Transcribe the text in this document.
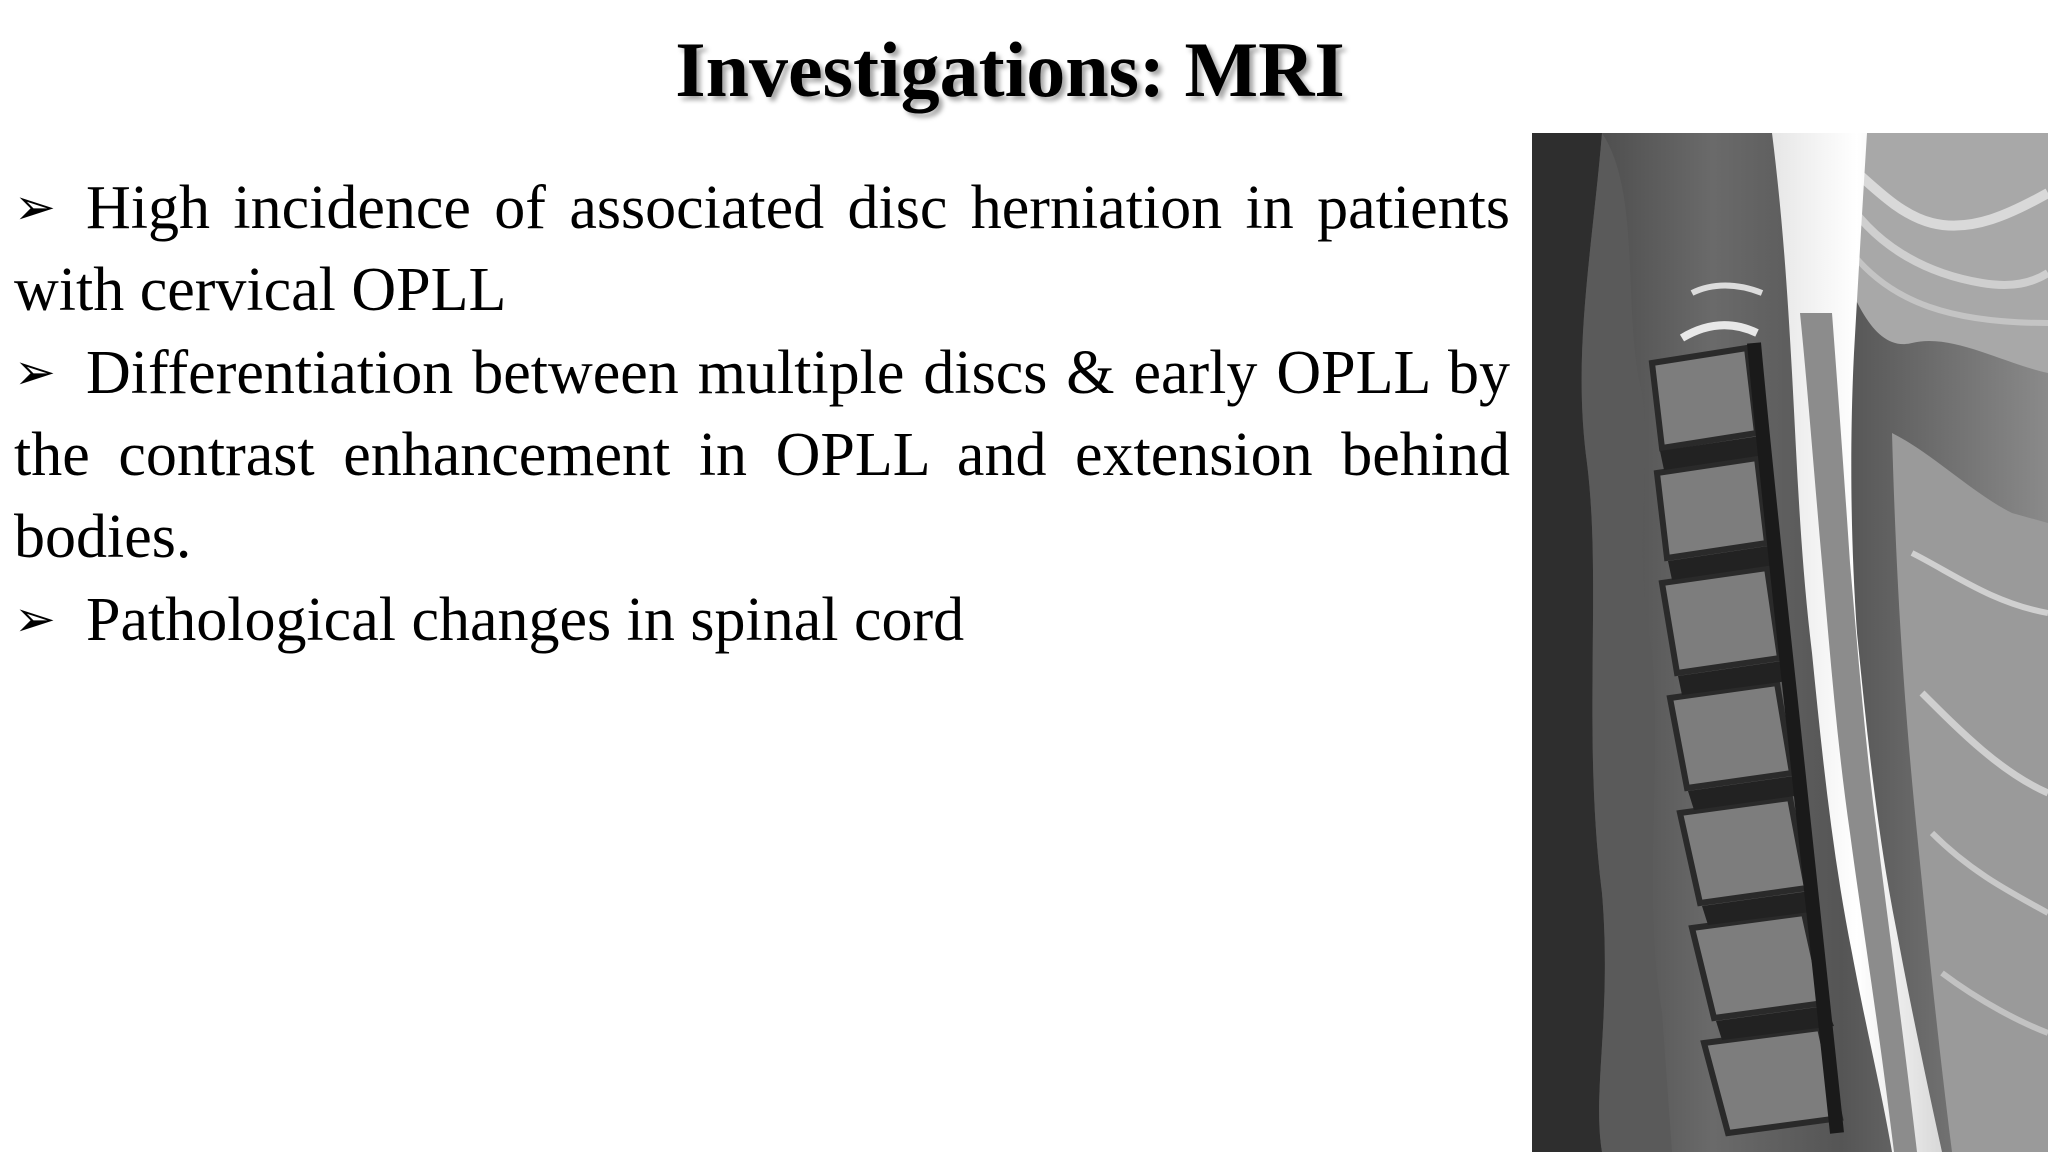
Investigations: MRI
➢ High incidence of associated disc herniation in patients with cervical OPLL
➢ Differentiation between multiple discs & early OPLL by the contrast enhancement in OPLL and extension behind bodies.
➢ Pathological changes in spinal cord
